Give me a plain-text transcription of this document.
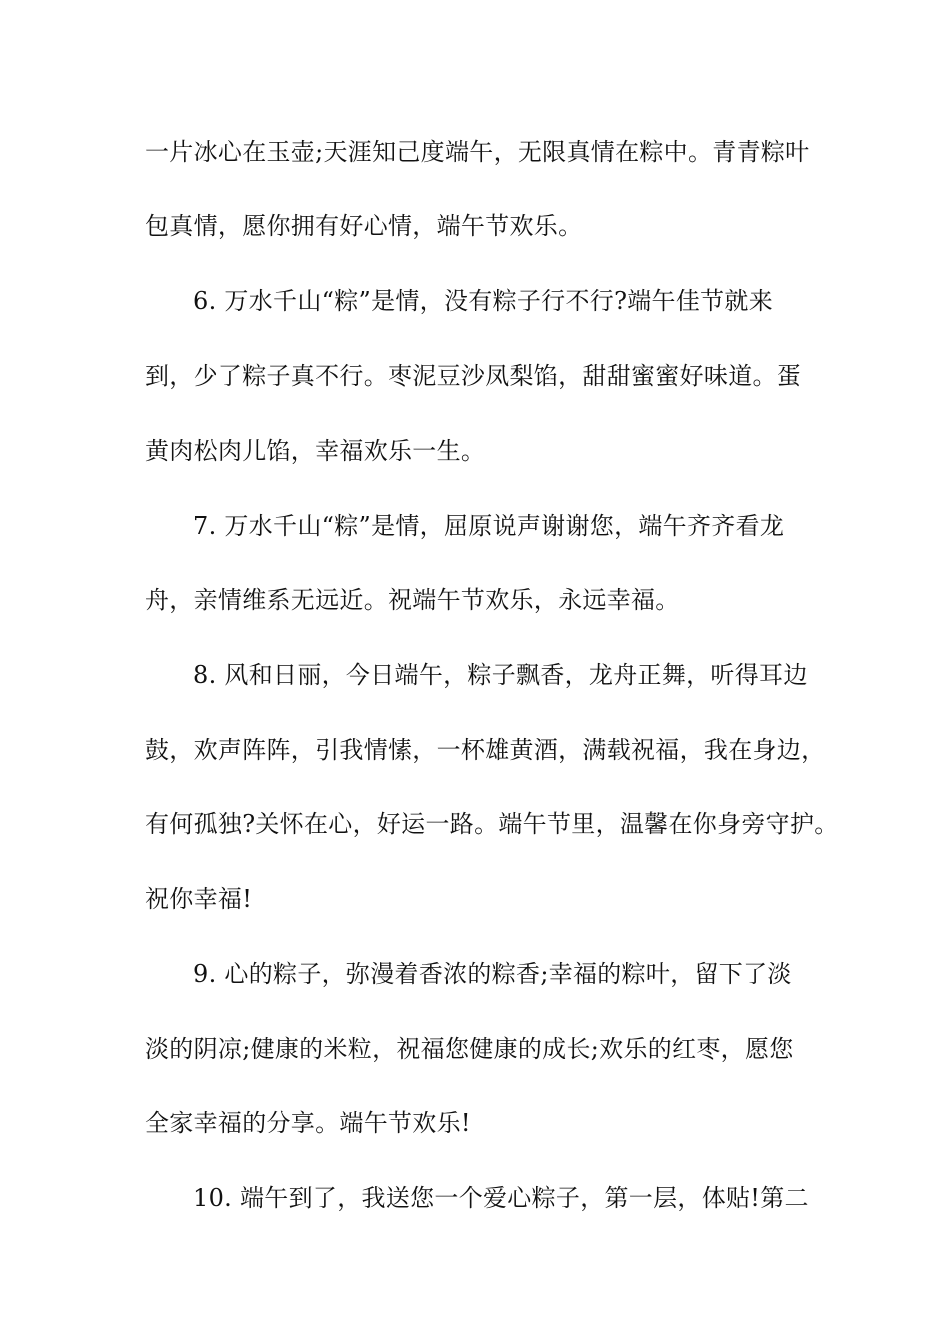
一片冰心在玉壶;天涯知己度端午，无限真情在粽中。青青粽叶
包真情，愿你拥有好心情，端午节欢乐。
6. 万水千山“粽”是情，没有粽子行不行?端午佳节就来
到，少了粽子真不行。枣泥豆沙凤梨馅，甜甜蜜蜜好味道。蛋
黄肉松肉儿馅，幸福欢乐一生。
7. 万水千山“粽”是情，屈原说声谢谢您，端午齐齐看龙
舟，亲情维系无远近。祝端午节欢乐，永远幸福。
8. 风和日丽，今日端午，粽子飘香，龙舟正舞，听得耳边
鼓，欢声阵阵，引我情愫，一杯雄黄酒，满载祝福，我在身边，
有何孤独?关怀在心，好运一路。端午节里，温馨在你身旁守护。
祝你幸福!
9. 心的粽子，弥漫着香浓的粽香;幸福的粽叶，留下了淡
淡的阴凉;健康的米粒，祝福您健康的成长;欢乐的红枣，愿您
全家幸福的分享。端午节欢乐!
10. 端午到了，我送您一个爱心粽子，第一层，体贴!第二
